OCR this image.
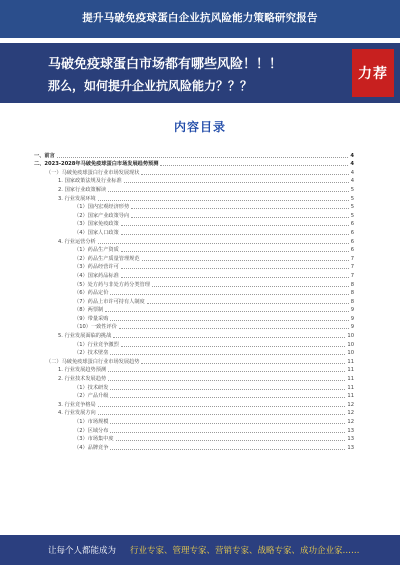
提升马破免疫球蛋白企业抗风险能力策略研究报告
马破免疫球蛋白市场都有哪些风险！！！
那么，如何提升企业抗风险能力？？？
力荐
内容目录
一、前言	4
二、2023-2028年马破免疫球蛋白市场发展趋势预测	4
（一）马破免疫球蛋白行业市场发展现状	4
1. 国家政策法规及行业标准	4
2. 国家行业政策解读	5
3. 行业发展环境	5
（1）国内宏观经济形势	5
（2）国家产业政策导向	5
（3）国家免疫政策	6
（4）国家人口政策	6
4. 行业运营分析	6
（1）药品生产资质	6
（2）药品生产质量管理规范	7
（3）药品经营许可	7
（4）国家药品标准	7
（5）处方药与非处方药分类管理	8
（6）药品定价	8
（7）药品上市许可持有人制度	8
（8）两票制	9
（9）带量采购	9
（10）一致性评价	9
5. 行业发展面临的挑战	10
（1）行业竞争激烈	10
（2）技术壁垒	10
（二）马破免疫球蛋白行业市场发展趋势	11
1. 行业发展趋势预测	11
2. 行业技术发展趋势	11
（1）技术研发	11
（2）产品升级	11
3. 行业竞争格局	12
4. 行业发展方向	12
（1）市场规模	12
（2）区域分布	13
（3）市场集中度	13
（4）品牌竞争	13
让每个人都能成为 行业专家、管理专家、营销专家、战略专家、成功企业家……
